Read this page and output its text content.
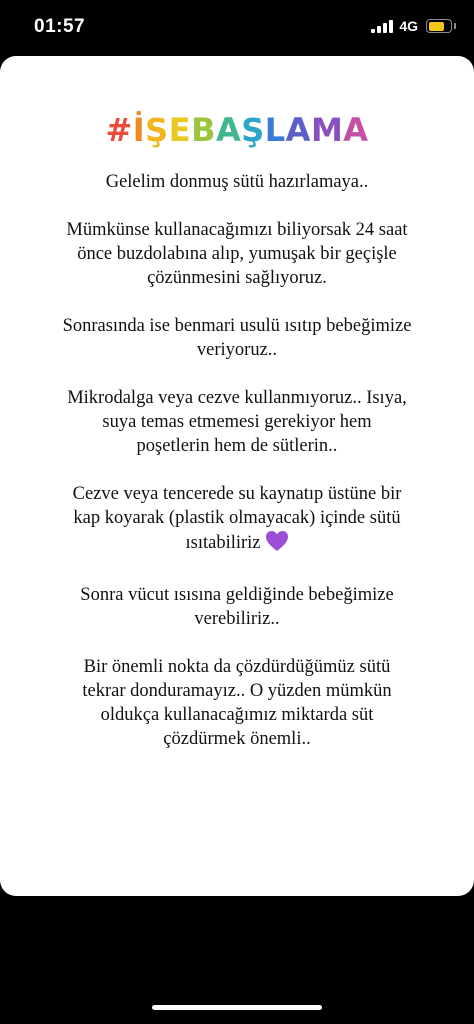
01:57	4G
#İŞEBAŞLAMA

Gelelim donmuş sütü hazırlamaya..

Mümkünse kullanacağımızı biliyorsak 24 saat
önce buzdolabına alıp, yumuşak bir geçişle
çözünmesini sağlıyoruz.

Sonrasında ise benmari usulü ısıtıp bebeğimize
veriyoruz..

Mikrodalga veya cezve kullanmıyoruz.. Isıya,
suya temas etmemesi gerekiyor hem
poşetlerin hem de sütlerin..

Cezve veya tencerede su kaynatıp üstüne bir
kap koyarak (plastik olmayacak) içinde sütü
ısıtabiliriz

Sonra vücut ısısına geldiğinde bebeğimize
verebiliriz..

Bir önemli nokta da çözdürdüğümüz sütü
tekrar donduramayız.. O yüzden mümkün
oldukça kullanacağımız miktarda süt
çözdürmek önemli..
